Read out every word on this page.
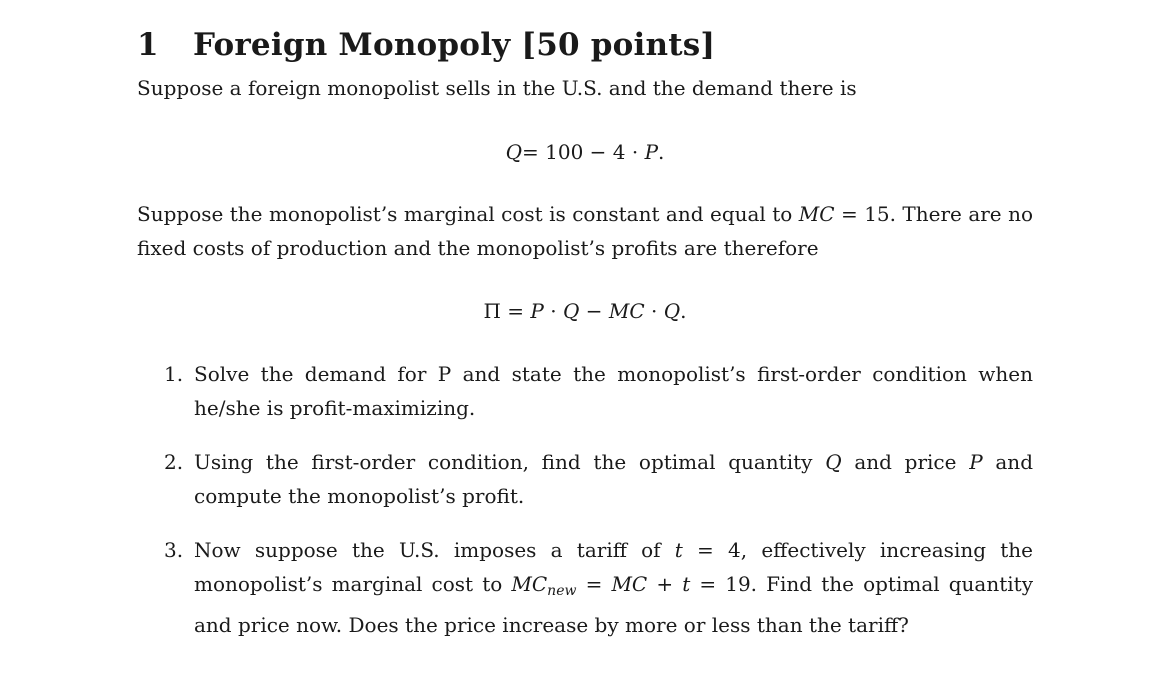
1 Foreign Monopoly [50 points]

Suppose a foreign monopolist sells in the U.S. and the demand there is

Q= 100 − 4 · P.

Suppose the monopolist’s marginal cost is constant and equal to MC = 15. There are no fixed costs of production and the monopolist’s profits are therefore

Π = P · Q − MC · Q.
1. Solve the demand for P and state the monopolist’s first-order condition when he/she is profit-maximizing.
2. Using the first-order condition, find the optimal quantity Q and price P and compute the monopolist’s profit.
3. Now suppose the U.S. imposes a tariff of t = 4, effectively increasing the monopolist’s marginal cost to $MC_{new}$ = MC + t = 19. Find the optimal quantity and price now. Does the price increase by more or less than the tariff?
